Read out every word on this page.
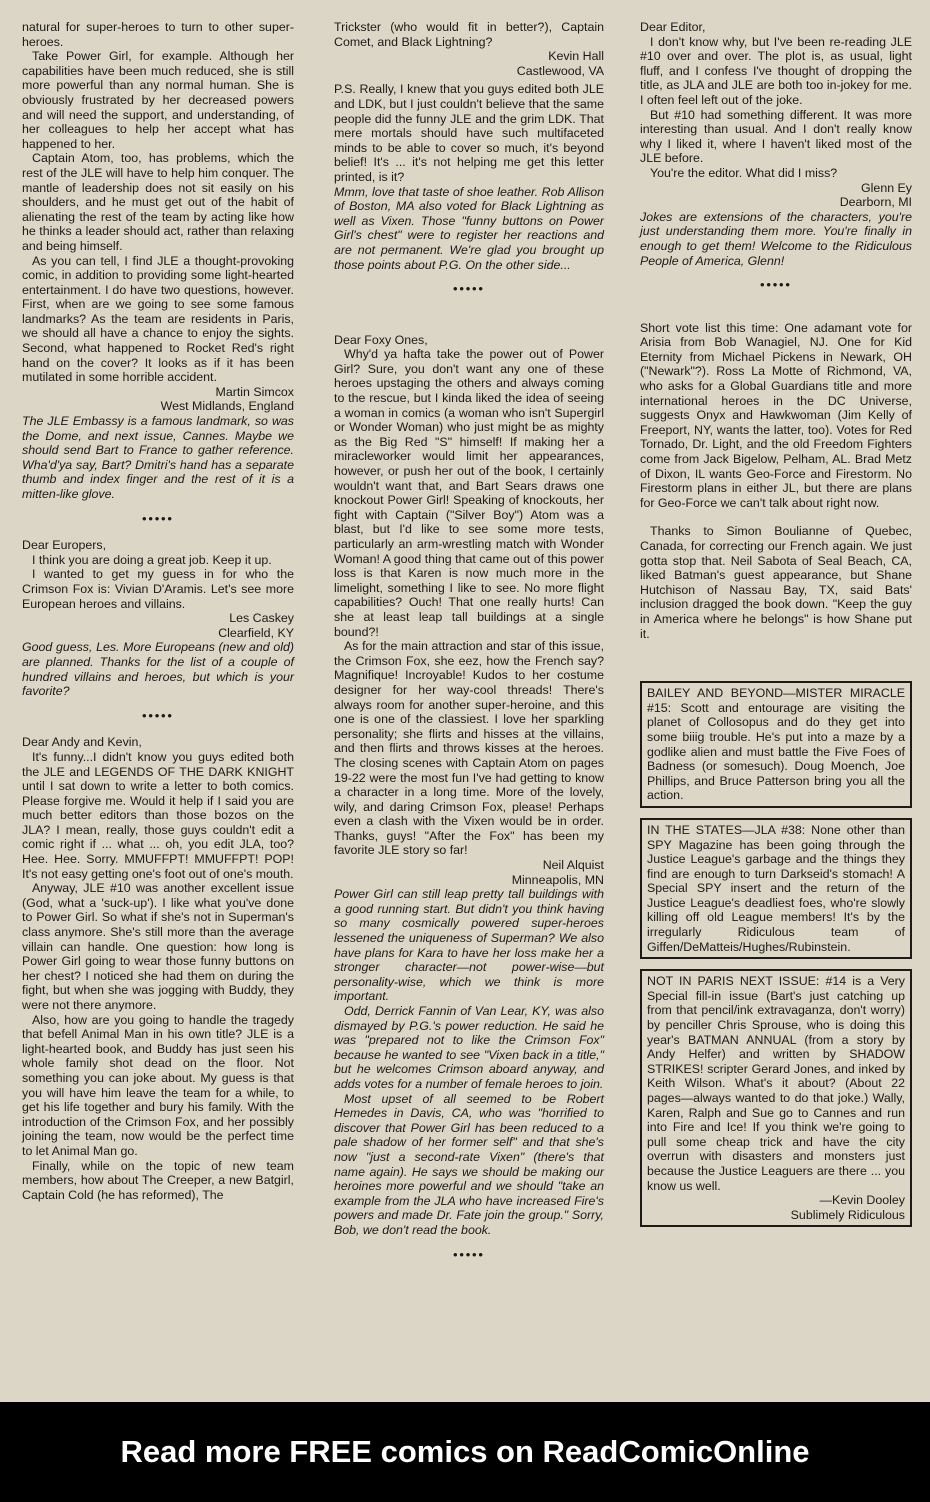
natural for super-heroes to turn to other super-heroes.

Take Power Girl, for example. Although her capabilities have been much reduced, she is still more powerful than any normal human. She is obviously frustrated by her decreased powers and will need the support, and understanding, of her colleagues to help her accept what has happened to her.

Captain Atom, too, has problems, which the rest of the JLE will have to help him conquer. The mantle of leadership does not sit easily on his shoulders, and he must get out of the habit of alienating the rest of the team by acting like how he thinks a leader should act, rather than relaxing and being himself.

As you can tell, I find JLE a thought-provoking comic, in addition to providing some light-hearted entertainment. I do have two questions, however. First, when are we going to see some famous landmarks? As the team are residents in Paris, we should all have a chance to enjoy the sights. Second, what happened to Rocket Red's right hand on the cover? It looks as if it has been mutilated in some horrible accident.

Martin Simcox

West Midlands, England

The JLE Embassy is a famous landmark, so was the Dome, and next issue, Cannes. Maybe we should send Bart to France to gather reference. Wha'd'ya say, Bart? Dmitri's hand has a separate thumb and index finger and the rest of it is a mitten-like glove.

•••••

Dear Europers,

I think you are doing a great job. Keep it up.

I wanted to get my guess in for who the Crimson Fox is: Vivian D'Aramis. Let's see more European heroes and villains.

Les Caskey

Clearfield, KY

Good guess, Les. More Europeans (new and old) are planned. Thanks for the list of a couple of hundred villains and heroes, but which is your favorite?

•••••

Dear Andy and Kevin,

It's funny...I didn't know you guys edited both the JLE and LEGENDS OF THE DARK KNIGHT until I sat down to write a letter to both comics. Please forgive me. Would it help if I said you are much better editors than those bozos on the JLA? I mean, really, those guys couldn't edit a comic right if ... what ... oh, you edit JLA, too? Hee. Hee. Sorry. MMUFFPT! MMUFFPT! POP! It's not easy getting one's foot out of one's mouth.

Anyway, JLE #10 was another excellent issue (God, what a 'suck-up'). I like what you've done to Power Girl. So what if she's not in Superman's class anymore. She's still more than the average villain can handle. One question: how long is Power Girl going to wear those funny buttons on her chest? I noticed she had them on during the fight, but when she was jogging with Buddy, they were not there anymore.

Also, how are you going to handle the tragedy that befell Animal Man in his own title? JLE is a light-hearted book, and Buddy has just seen his whole family shot dead on the floor. Not something you can joke about. My guess is that you will have him leave the team for a while, to get his life together and bury his family. With the introduction of the Crimson Fox, and her possibly joining the team, now would be the perfect time to let Animal Man go.

Finally, while on the topic of new team members, how about The Creeper, a new Batgirl, Captain Cold (he has reformed), The

Trickster (who would fit in better?), Captain Comet, and Black Lightning?

Kevin Hall

Castlewood, VA

P.S. Really, I knew that you guys edited both JLE and LDK, but I just couldn't believe that the same people did the funny JLE and the grim LDK. That mere mortals should have such multifaceted minds to be able to cover so much, it's beyond belief! It's ... it's not helping me get this letter printed, is it?

Mmm, love that taste of shoe leather. Rob Allison of Boston, MA also voted for Black Lightning as well as Vixen. Those "funny buttons on Power Girl's chest" were to register her reactions and are not permanent. We're glad you brought up those points about P.G. On the other side...

•••••

Dear Foxy Ones,

Why'd ya hafta take the power out of Power Girl? Sure, you don't want any one of these heroes upstaging the others and always coming to the rescue, but I kinda liked the idea of seeing a woman in comics (a woman who isn't Supergirl or Wonder Woman) who just might be as mighty as the Big Red "S" himself! If making her a miracleworker would limit her appearances, however, or push her out of the book, I certainly wouldn't want that, and Bart Sears draws one knockout Power Girl! Speaking of knockouts, her fight with Captain ("Silver Boy") Atom was a blast, but I'd like to see some more tests, particularly an arm-wrestling match with Wonder Woman! A good thing that came out of this power loss is that Karen is now much more in the limelight, something I like to see. No more flight capabilities? Ouch! That one really hurts! Can she at least leap tall buildings at a single bound?!

As for the main attraction and star of this issue, the Crimson Fox, she eez, how the French say? Magnifique! Incroyable! Kudos to her costume designer for her way-cool threads! There's always room for another super-heroine, and this one is one of the classiest. I love her sparkling personality; she flirts and hisses at the villains, and then flirts and throws kisses at the heroes. The closing scenes with Captain Atom on pages 19-22 were the most fun I've had getting to know a character in a long time. More of the lovely, wily, and daring Crimson Fox, please! Perhaps even a clash with the Vixen would be in order. Thanks, guys! "After the Fox" has been my favorite JLE story so far!

Neil Alquist

Minneapolis, MN

Power Girl can still leap pretty tall buildings with a good running start. But didn't you think having so many cosmically powered super-heroes lessened the uniqueness of Superman? We also have plans for Kara to have her loss make her a stronger character—not power-wise—but personality-wise, which we think is more important.

Odd, Derrick Fannin of Van Lear, KY, was also dismayed by P.G.'s power reduction. He said he was "prepared not to like the Crimson Fox" because he wanted to see "Vixen back in a title," but he welcomes Crimson aboard anyway, and adds votes for a number of female heroes to join.

Most upset of all seemed to be Robert Hemedes in Davis, CA, who was "horrified to discover that Power Girl has been reduced to a pale shadow of her former self" and that she's now "just a second-rate Vixen" (there's that name again). He says we should be making our heroines more powerful and we should "take an example from the JLA who have increased Fire's powers and made Dr. Fate join the group." Sorry, Bob, we don't read the book.

•••••

Dear Editor,

I don't know why, but I've been re-reading JLE #10 over and over. The plot is, as usual, light fluff, and I confess I've thought of dropping the title, as JLA and JLE are both too in-jokey for me. I often feel left out of the joke.

But #10 had something different. It was more interesting than usual. And I don't really know why I liked it, where I haven't liked most of the JLE before.

You're the editor. What did I miss?

Glenn Ey

Dearborn, MI

Jokes are extensions of the characters, you're just understanding them more. You're finally in enough to get them! Welcome to the Ridiculous People of America, Glenn!

•••••

Short vote list this time: One adamant vote for Arisia from Bob Wanagiel, NJ. One for Kid Eternity from Michael Pickens in Newark, OH ("Newark"?). Ross La Motte of Richmond, VA, who asks for a Global Guardians title and more international heroes in the DC Universe, suggests Onyx and Hawkwoman (Jim Kelly of Freeport, NY, wants the latter, too). Votes for Red Tornado, Dr. Light, and the old Freedom Fighters come from Jack Bigelow, Pelham, AL. Brad Metz of Dixon, IL wants Geo-Force and Firestorm. No Firestorm plans in either JL, but there are plans for Geo-Force we can't talk about right now.

Thanks to Simon Boulianne of Quebec, Canada, for correcting our French again. We just gotta stop that. Neil Sabota of Seal Beach, CA, liked Batman's guest appearance, but Shane Hutchison of Nassau Bay, TX, said Bats' inclusion dragged the book down. "Keep the guy in America where he belongs" is how Shane put it.

BAILEY AND BEYOND—MISTER MIRACLE #15: Scott and entourage are visiting the planet of Collosopus and do they get into some biiig trouble. He's put into a maze by a godlike alien and must battle the Five Foes of Badness (or somesuch). Doug Moench, Joe Phillips, and Bruce Patterson bring you all the action.

IN THE STATES—JLA #38: None other than SPY Magazine has been going through the Justice League's garbage and the things they find are enough to turn Darkseid's stomach! A Special SPY insert and the return of the Justice League's deadliest foes, who're slowly killing off old League members! It's by the irregularly Ridiculous team of Giffen/DeMatteis/Hughes/Rubinstein.

NOT IN PARIS NEXT ISSUE: #14 is a Very Special fill-in issue (Bart's just catching up from that pencil/ink extravaganza, don't worry) by penciller Chris Sprouse, who is doing this year's BATMAN ANNUAL (from a story by Andy Helfer) and written by SHADOW STRIKES! scripter Gerard Jones, and inked by Keith Wilson. What's it about? (About 22 pages—always wanted to do that joke.) Wally, Karen, Ralph and Sue go to Cannes and run into Fire and Ice! If you think we're going to pull some cheap trick and have the city overrun with disasters and monsters just because the Justice Leaguers are there ... you know us well.

—Kevin Dooley

Sublimely Ridiculous

Read more FREE comics on ReadComicOnline
